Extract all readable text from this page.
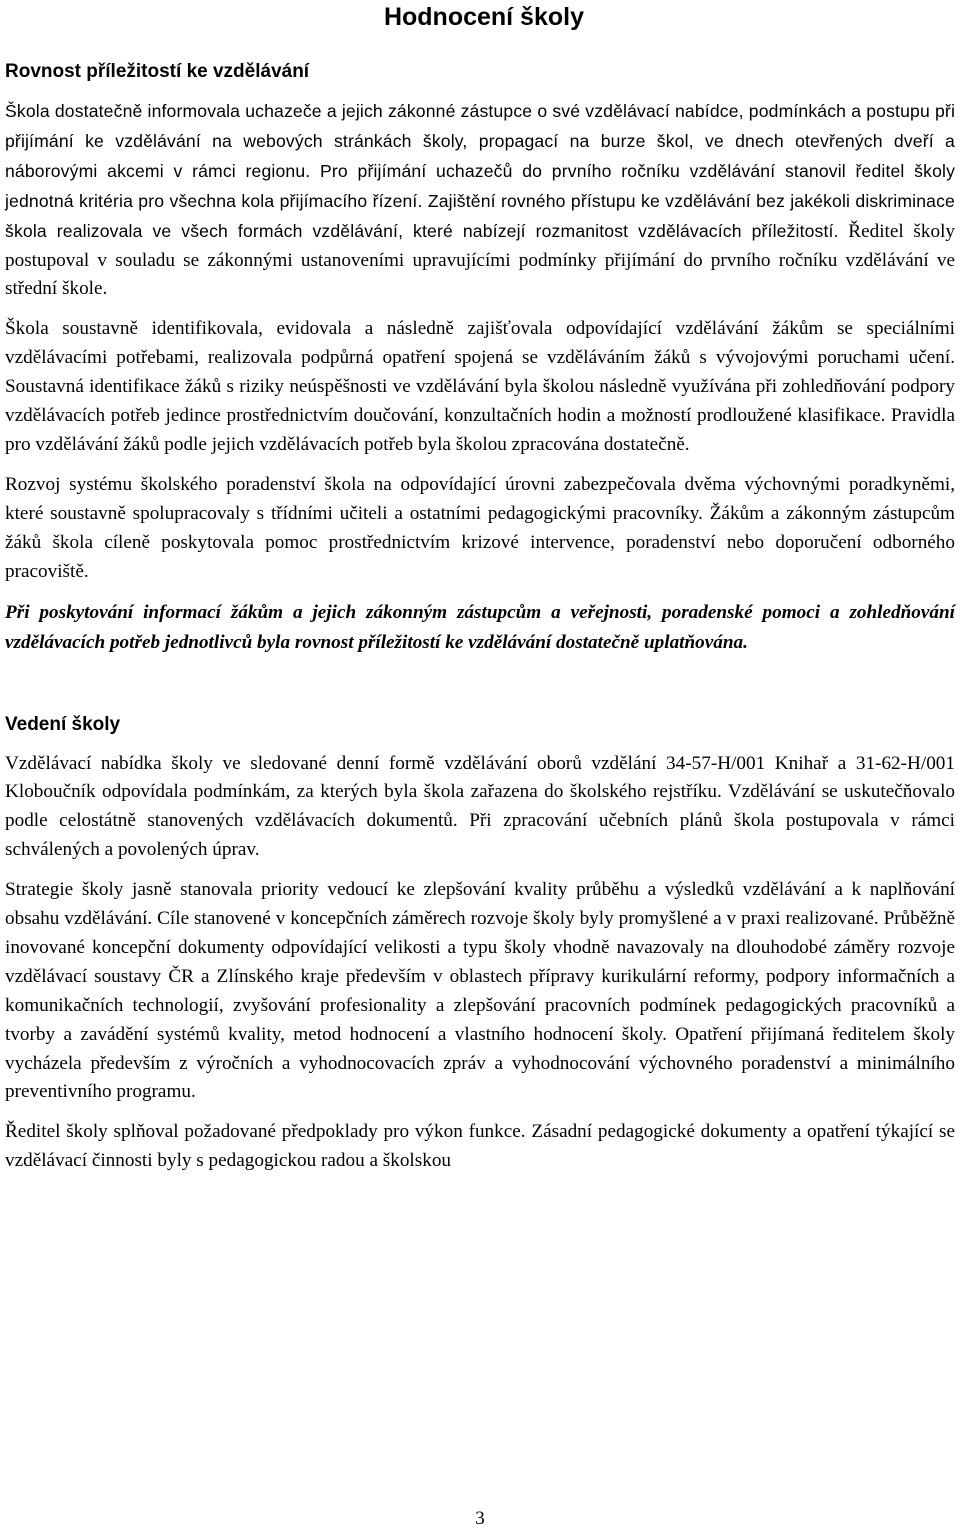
Hodnocení školy
Rovnost příležitostí ke vzdělávání

Škola dostatečně informovala uchazeče a jejich zákonné zástupce o své vzdělávací nabídce, podmínkách a postupu při přijímání ke vzdělávání na webových stránkách školy, propagací na burze škol, ve dnech otevřených dveří a náborovými akcemi v rámci regionu. Pro přijímání uchazečů do prvního ročníku vzdělávání stanovil ředitel školy jednotná kritéria pro všechna kola přijímacího řízení. Zajištění rovného přístupu ke vzdělávání bez jakékoli diskriminace škola realizovala ve všech formách vzdělávání, které nabízejí rozmanitost vzdělávacích příležitostí. Ředitel školy postupoval v souladu se zákonnými ustanoveními upravujícími podmínky přijímání do prvního ročníku vzdělávání ve střední škole.

Škola soustavně identifikovala, evidovala a následně zajišťovala odpovídající vzdělávání žákům se speciálními vzdělávacími potřebami, realizovala podpůrná opatření spojená se vzděláváním žáků s vývojovými poruchami učení. Soustavná identifikace žáků s riziky neúspěšnosti ve vzdělávání byla školou následně využívána při zohledňování podpory vzdělávacích potřeb jedince prostřednictvím doučování, konzultačních hodin a možností prodloužené klasifikace. Pravidla pro vzdělávání žáků podle jejich vzdělávacích potřeb byla školou zpracována dostatečně.

Rozvoj systému školského poradenství škola na odpovídající úrovni zabezpečovala dvěma výchovnými poradkyněmi, které soustavně spolupracovaly s třídními učiteli a ostatními pedagogickými pracovníky. Žákům a zákonným zástupcům žáků škola cíleně poskytovala pomoc prostřednictvím krizové intervence, poradenství nebo doporučení odborného pracoviště.

Při poskytování informací žákům a jejich zákonným zástupcům a veřejnosti, poradenské pomoci a zohledňování vzdělávacích potřeb jednotlivců byla rovnost příležitostí ke vzdělávání dostatečně uplatňována.

Vedení školy

Vzdělávací nabídka školy ve sledované denní formě vzdělávání oborů vzdělání 34-57-H/001 Knihař a 31-62-H/001 Kloboučník odpovídala podmínkám, za kterých byla škola zařazena do školského rejstříku. Vzdělávání se uskutečňovalo podle celostátně stanovených vzdělávacích dokumentů. Při zpracování učebních plánů škola postupovala v rámci schválených a povolených úprav.

Strategie školy jasně stanovala priority vedoucí ke zlepšování kvality průběhu a výsledků vzdělávání a k naplňování obsahu vzdělávání. Cíle stanovené v koncepčních záměrech rozvoje školy byly promyšlené a v praxi realizované. Průběžně inovované koncepční dokumenty odpovídající velikosti a typu školy vhodně navazovaly na dlouhodobé záměry rozvoje vzdělávací soustavy ČR a Zlínského kraje především v oblastech přípravy kurikulární reformy, podpory informačních a komunikačních technologií, zvyšování profesionality a zlepšování pracovních podmínek pedagogických pracovníků a tvorby a zavádění systémů kvality, metod hodnocení a vlastního hodnocení školy. Opatření přijímaná ředitelem školy vycházela především z výročních a vyhodnocovacích zpráv a vyhodnocování výchovného poradenství a minimálního preventivního programu.

Ředitel školy splňoval požadované předpoklady pro výkon funkce. Zásadní pedagogické dokumenty a opatření týkající se vzdělávací činnosti byly s pedagogickou radou a školskou

3
